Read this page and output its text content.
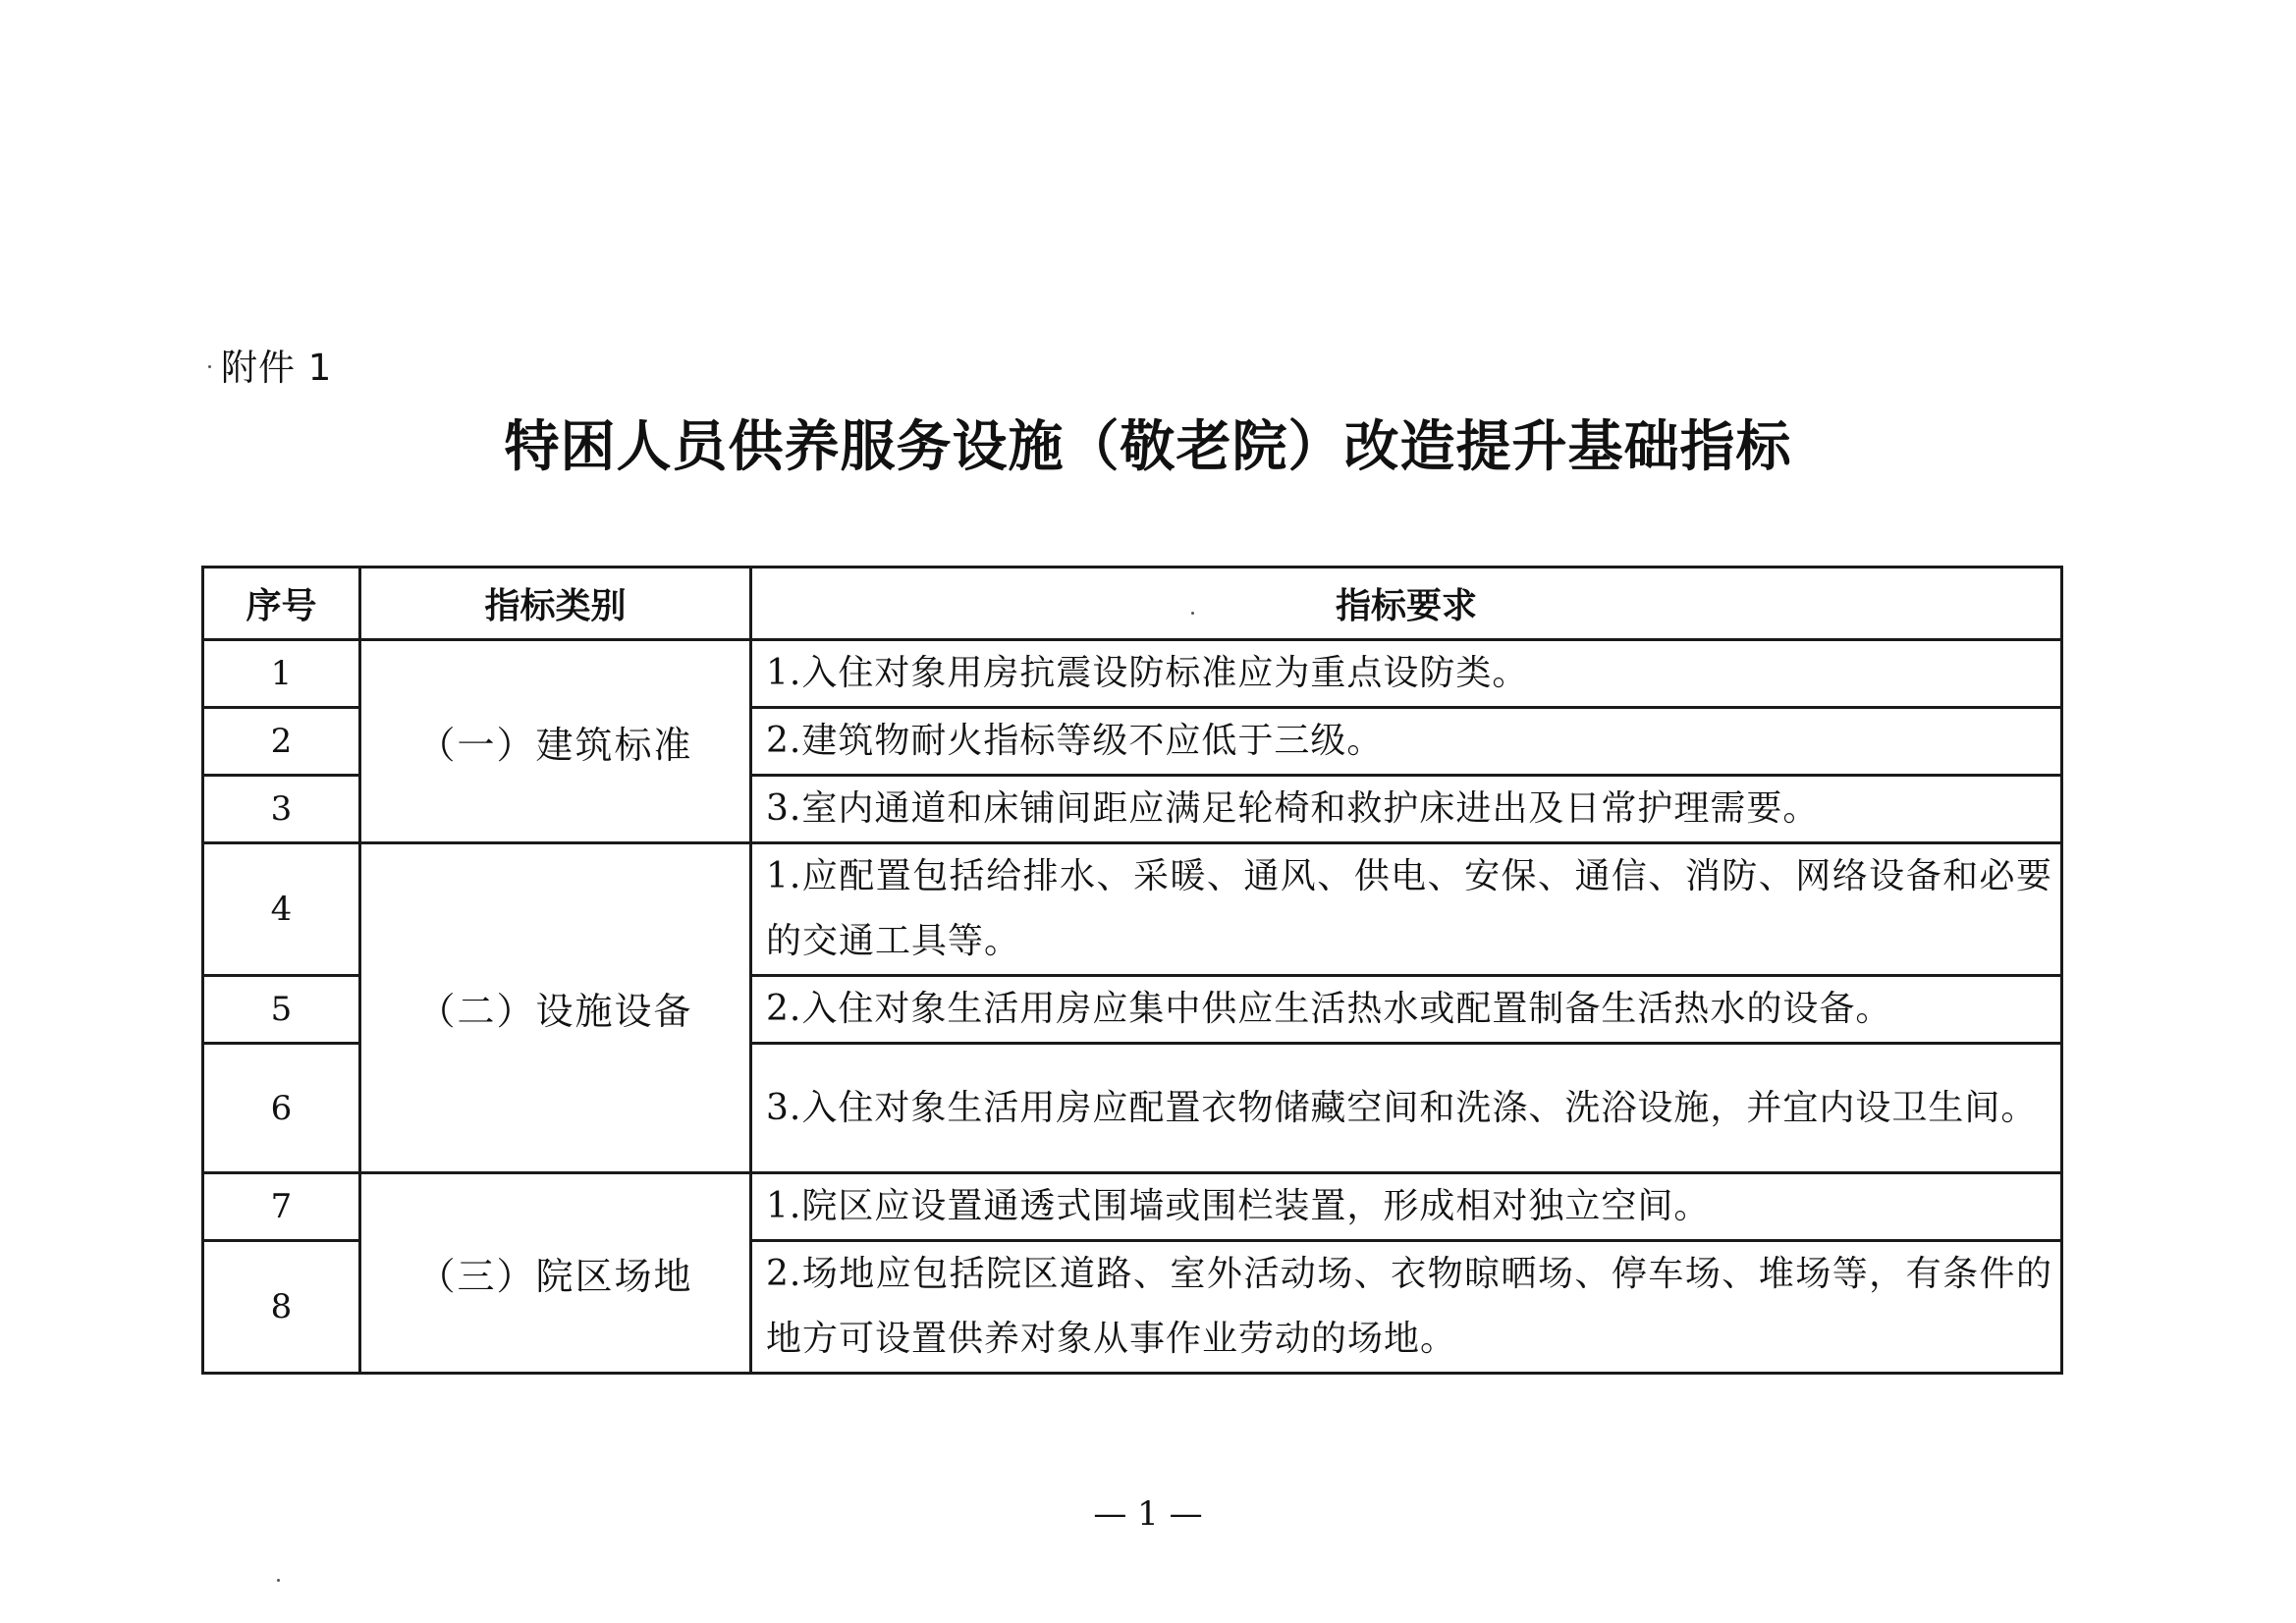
附件 1
特困人员供养服务设施（敬老院）改造提升基础指标
序号	指标类别	指标要求
1	（一）建筑标准	1.入住对象用房抗震设防标准应为重点设防类。
2		2.建筑物耐火指标等级不应低于三级。
3		3.室内通道和床铺间距应满足轮椅和救护床进出及日常护理需要。
4	（二）设施设备	1.应配置包括给排水、采暖、通风、供电、安保、通信、消防、网络设备和必要的交通工具等。
5		2.入住对象生活用房应集中供应生活热水或配置制备生活热水的设备。
6		3.入住对象生活用房应配置衣物储藏空间和洗涤、洗浴设施，并宜内设卫生间。
7	（三）院区场地	1.院区应设置通透式围墙或围栏装置，形成相对独立空间。
8		2.场地应包括院区道路、室外活动场、衣物晾晒场、停车场、堆场等，有条件的地方可设置供养对象从事作业劳动的场地。
— 1 —
